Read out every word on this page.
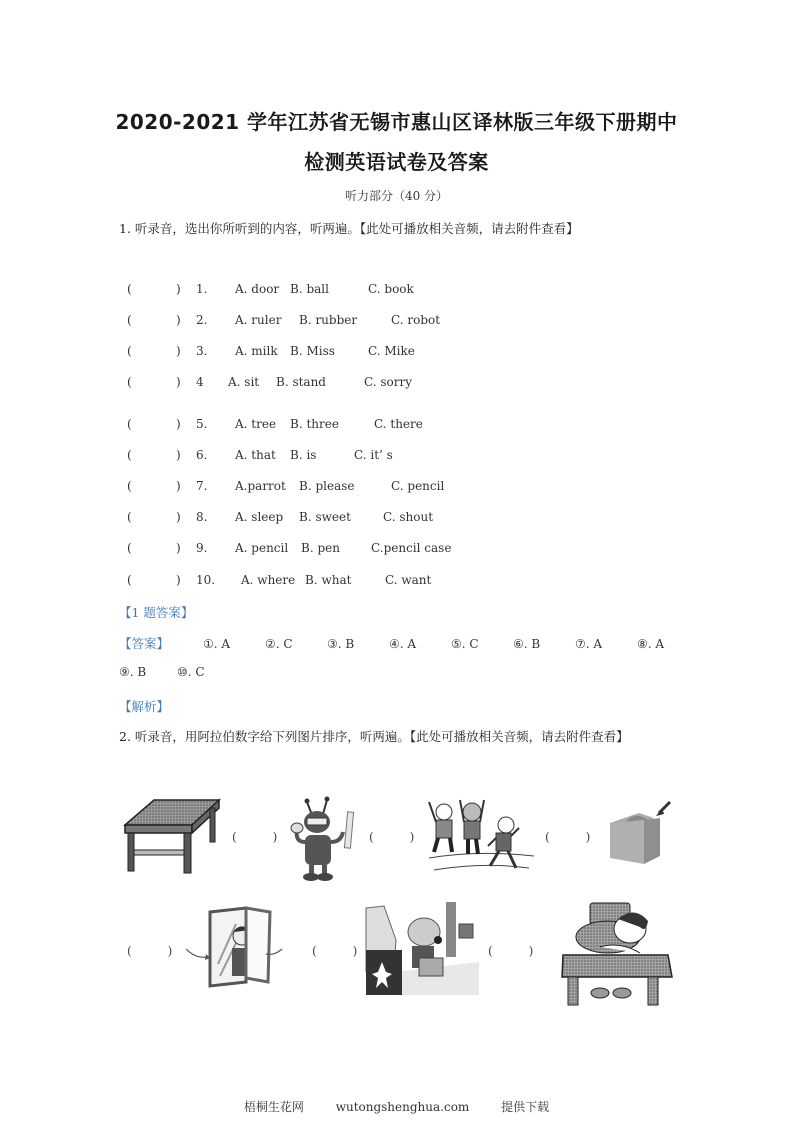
2020-2021 学年江苏省无锡市惠山区译林版三年级下册期中
检测英语试卷及答案
听力部分（40 分）
1. 听录音，选出你所听到的内容，听两遍。【此处可播放相关音频，请去附件查看】
(	) 1. A. door B. ball	C. book
(	) 2. A. ruler B. rubber	C. robot
(	) 3. A. milk B. Miss	C. Mike
(	) 4 A. sit B. stand	C. sorry
(	) 5. A. tree B. three	C. there
(	) 6. A. that B. is	C. it’ s
(	) 7. A.parrot B. please	C. pencil
(	) 8. A. sleep B. sweet	C. shout
(	) 9. A. pencil B. pen	C.pencil case
(	) 10. A. where B. what	C. want
【1 题答案】
【答案】	①. A	②. C	③. B	④. A	⑤. C	⑥. B	⑦. A	⑧. A
⑨. B	⑩. C
【解析】
2. 听录音，用阿拉伯数字给下列图片排序，听两遍。【此处可播放相关音频，请去附件查看】
(　　　)	(　　　)	(　　　)
(　　　)	(　　　)	(　　　)
梧桐生花网	wutongshenghua.com	提供下载
